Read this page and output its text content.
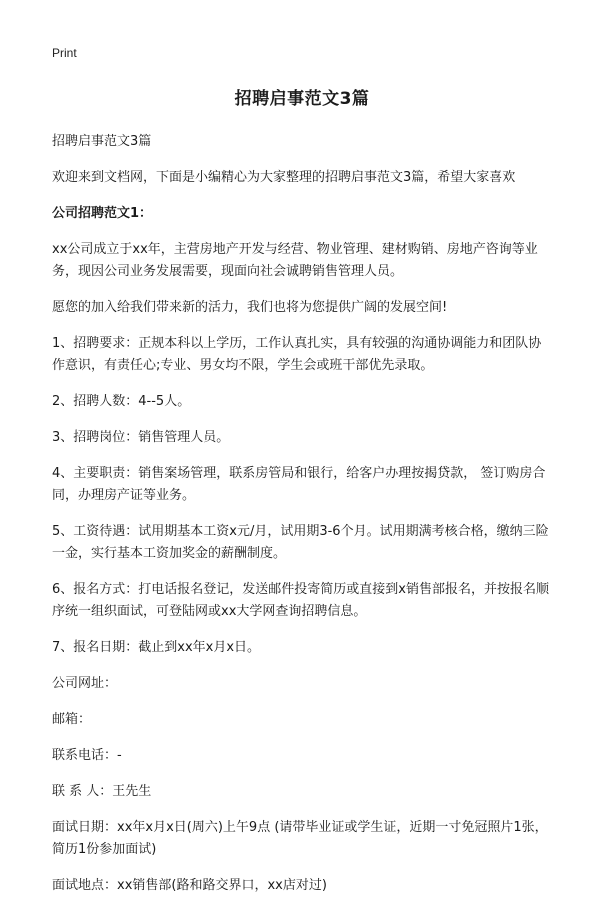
Print
招聘启事范文3篇

招聘启事范文3篇

欢迎来到文档网，下面是小编精心为大家整理的招聘启事范文3篇，希望大家喜欢

公司招聘范文1：

xx公司成立于xx年，主营房地产开发与经营、物业管理、建材购销、房地产咨询等业务，现因公司业务发展需要，现面向社会诚聘销售管理人员。

愿您的加入给我们带来新的活力，我们也将为您提供广阔的发展空间!

1、招聘要求：正规本科以上学历，工作认真扎实，具有较强的沟通协调能力和团队协作意识，有责任心;专业、男女均不限，学生会或班干部优先录取。

2、招聘人数：4--5人。

3、招聘岗位：销售管理人员。

4、主要职责：销售案场管理，联系房管局和银行，给客户办理按揭贷款， 签订购房合同，办理房产证等业务。

5、工资待遇：试用期基本工资x元/月，试用期3-6个月。试用期满考核合格，缴纳三险一金，实行基本工资加奖金的薪酬制度。

6、报名方式：打电话报名登记，发送邮件投寄简历或直接到x销售部报名，并按报名顺序统一组织面试，可登陆网或xx大学网查询招聘信息。

7、报名日期：截止到xx年x月x日。

公司网址：

邮箱：

联系电话：-

联 系 人：王先生

面试日期：xx年x月x日(周六)上午9点 (请带毕业证或学生证，近期一寸免冠照片1张，简历1份参加面试)

面试地点：xx销售部(路和路交界口，xx店对过)
